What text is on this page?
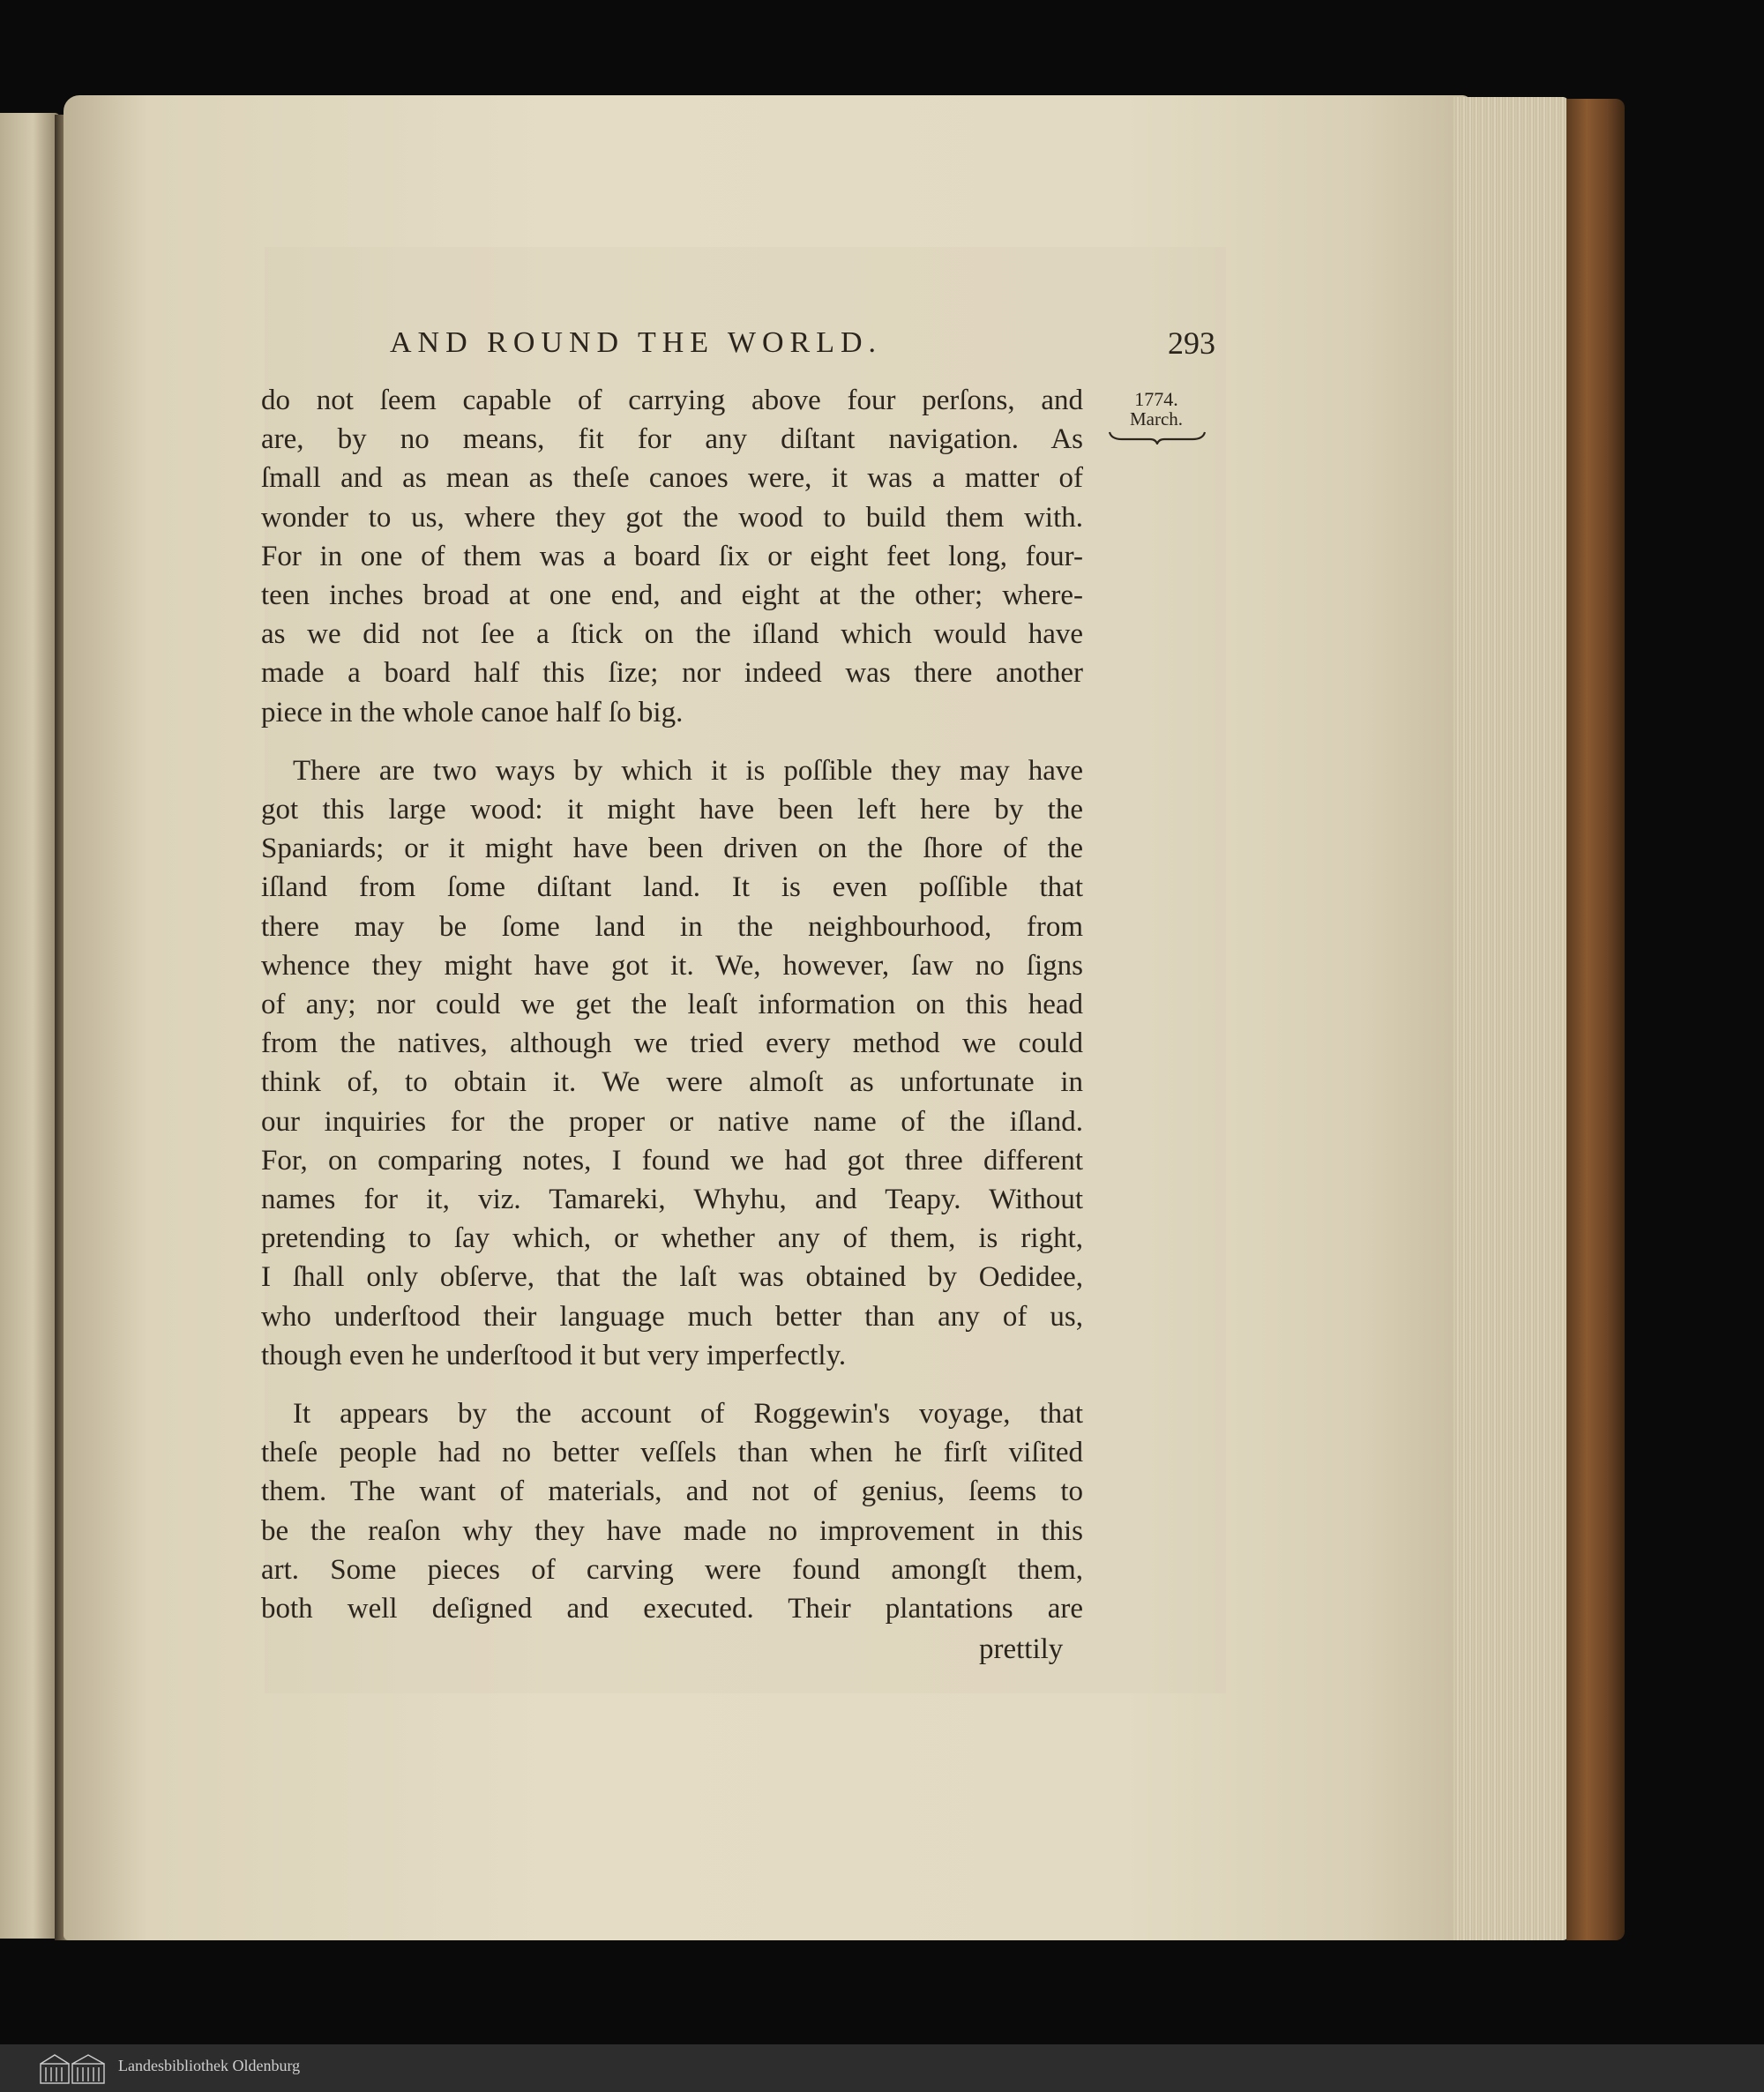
AND ROUND THE WORLD.	293
1774.
March.

do not ſeem capable of carrying above four perſons, and
are, by no means, fit for any diſtant navigation. As
ſmall and as mean as theſe canoes were, it was a matter of
wonder to us, where they got the wood to build them with.
For in one of them was a board ſix or eight feet long, four-
teen inches broad at one end, and eight at the other; where-
as we did not ſee a ſtick on the iſland which would have
made a board half this ſize; nor indeed was there another
piece in the whole canoe half ſo big.

There are two ways by which it is poſſible they may have
got this large wood: it might have been left here by the
Spaniards; or it might have been driven on the ſhore of the
iſland from ſome diſtant land. It is even poſſible that
there may be ſome land in the neighbourhood, from
whence they might have got it. We, however, ſaw no ſigns
of any; nor could we get the leaſt information on this head
from the natives, although we tried every method we could
think of, to obtain it. We were almoſt as unfortunate in
our inquiries for the proper or native name of the iſland.
For, on comparing notes, I found we had got three different
names for it, viz. Tamareki, Whyhu, and Teapy. Without
pretending to ſay which, or whether any of them, is right,
I ſhall only obſerve, that the laſt was obtained by Oedidee,
who underſtood their language much better than any of us,
though even he underſtood it but very imperfectly.

It appears by the account of Roggewin's voyage, that
theſe people had no better veſſels than when he firſt viſited
them. The want of materials, and not of genius, ſeems to
be the reaſon why they have made no improvement in this
art. Some pieces of carving were found amongſt them,
both well deſigned and executed. Their plantations are

prettily
Landesbibliothek Oldenburg
